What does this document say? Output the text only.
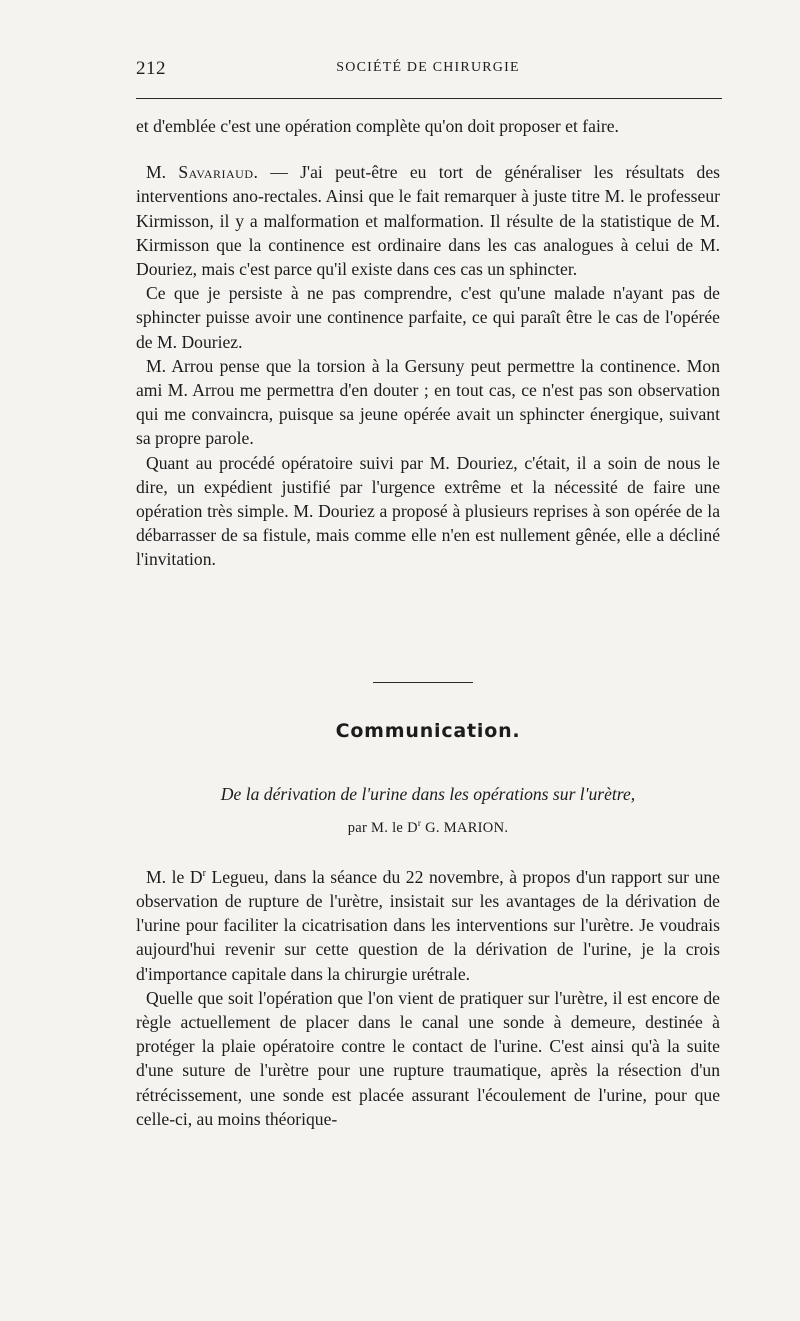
212	SOCIÉTÉ DE CHIRURGIE

et d'emblée c'est une opération complète qu'on doit proposer et faire.

M. Savariaud. — J'ai peut-être eu tort de généraliser les résultats des interventions ano-rectales. Ainsi que le fait remarquer à juste titre M. le professeur Kirmisson, il y a malformation et malformation. Il résulte de la statistique de M. Kirmisson que la continence est ordinaire dans les cas analogues à celui de M. Douriez, mais c'est parce qu'il existe dans ces cas un sphincter.

Ce que je persiste à ne pas comprendre, c'est qu'une malade n'ayant pas de sphincter puisse avoir une continence parfaite, ce qui paraît être le cas de l'opérée de M. Douriez.

M. Arrou pense que la torsion à la Gersuny peut permettre la continence. Mon ami M. Arrou me permettra d'en douter ; en tout cas, ce n'est pas son observation qui me convaincra, puisque sa jeune opérée avait un sphincter énergique, suivant sa propre parole.

Quant au procédé opératoire suivi par M. Douriez, c'était, il a soin de nous le dire, un expédient justifié par l'urgence extrême et la nécessité de faire une opération très simple. M. Douriez a proposé à plusieurs reprises à son opérée de la débarrasser de sa fistule, mais comme elle n'en est nullement gênée, elle a décliné l'invitation.

Communication.
De la dérivation de l'urine dans les opérations sur l'urètre,
par M. le $D^r$ G. MARION.

M. le $D^r$ Legueu, dans la séance du 22 novembre, à propos d'un rapport sur une observation de rupture de l'urètre, insistait sur les avantages de la dérivation de l'urine pour faciliter la cicatrisation dans les interventions sur l'urètre. Je voudrais aujourd'hui revenir sur cette question de la dérivation de l'urine, je la crois d'importance capitale dans la chirurgie urétrale.

Quelle que soit l'opération que l'on vient de pratiquer sur l'urètre, il est encore de règle actuellement de placer dans le canal une sonde à demeure, destinée à protéger la plaie opératoire contre le contact de l'urine. C'est ainsi qu'à la suite d'une suture de l'urètre pour une rupture traumatique, après la résection d'un rétrécissement, une sonde est placée assurant l'écoulement de l'urine, pour que celle-ci, au moins théorique-
